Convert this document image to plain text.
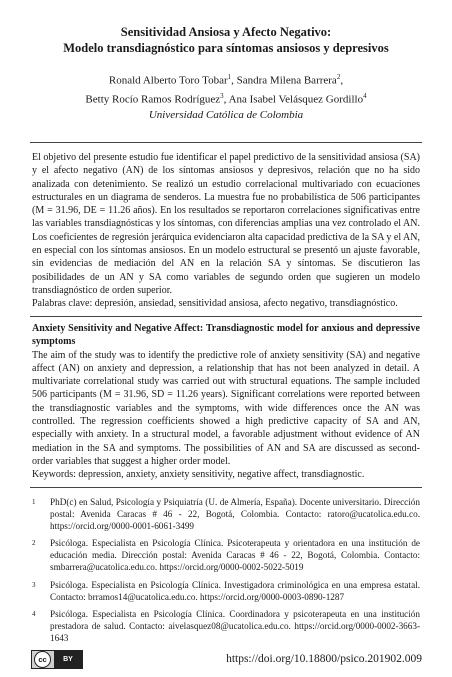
Sensitividad Ansiosa y Afecto Negativo:
Modelo transdiagnóstico para síntomas ansiosos y depresivos
Ronald Alberto Toro Tobar$^1$, Sandra Milena Barrera$^2$,
Betty Rocío Ramos Rodríguez$^3$, Ana Isabel Velásquez Gordillo$^4$
Universidad Católica de Colombia

El objetivo del presente estudio fue identificar el papel predictivo de la sensitividad ansiosa (SA) y el afecto negativo (AN) de los síntomas ansiosos y depresivos, relación que no ha sido analizada con detenimiento. Se realizó un estudio correlacional multivariado con ecuaciones estructurales en un diagrama de senderos. La muestra fue no probabilística de 506 participantes (M = 31.96, DE = 11.26 años). En los resultados se reportaron correlaciones significativas entre las variables transdiagnósticas y los síntomas, con diferencias amplias una vez controlado el AN. Los coeficientes de regresión jerárquica evidenciaron alta capacidad predictiva de la SA y el AN, en especial con los síntomas ansiosos. En un modelo estructural se presentó un ajuste favorable, sin evidencias de mediación del AN en la relación SA y síntomas. Se discutieron las posibilidades de un AN y SA como variables de segundo orden que sugieren un modelo transdiagnóstico de orden superior.

Palabras clave: depresión, ansiedad, sensitividad ansiosa, afecto negativo, transdiagnóstico.

Anxiety Sensitivity and Negative Affect: Transdiagnostic model for anxious and depressive symptoms

The aim of the study was to identify the predictive role of anxiety sensitivity (SA) and negative affect (AN) on anxiety and depression, a relationship that has not been analyzed in detail. A multivariate correlational study was carried out with structural equations. The sample included 506 participants (M = 31.96, SD = 11.26 years). Significant correlations were reported between the transdiagnostic variables and the symptoms, with wide differences once the AN was controlled. The regression coefficients showed a high predictive capacity of SA and AN, especially with anxiety. In a structural model, a favorable adjustment without evidence of AN mediation in the SA and symptoms. The possibilities of AN and SA are discussed as second-order variables that suggest a higher order model.

Keywords: depression, anxiety, anxiety sensitivity, negative affect, transdiagnostic.

1	PhD(c) en Salud, Psicología y Psiquiatría (U. de Almería, España). Docente universitario. Dirección postal: Avenida Caracas # 46 - 22, Bogotá, Colombia. Contacto: ratoro@ucatolica.edu.co. https://orcid.org/0000-0001-6061-3499
2	Psicóloga. Especialista en Psicología Clínica. Psicoterapeuta y orientadora en una institución de educación media. Dirección postal: Avenida Caracas # 46 - 22, Bogotá, Colombia. Contacto: smbarrera@ucatolica.edu.co. https://orcid.org/0000-0002-5022-5019
3	Psicóloga. Especialista en Psicología Clínica. Investigadora criminológica en una empresa estatal. Contacto: brramos14@ucatolica.edu.co. https://orcid.org/0000-0003-0890-1287
4	Psicóloga. Especialista en Psicología Clínica. Coordinadora y psicoterapeuta en una institución prestadora de salud. Contacto: aivelasquez08@ucatolica.edu.co. https://orcid.org/0000-0002-3663-1643
cc	BY	https://doi.org/10.18800/psico.201902.009
